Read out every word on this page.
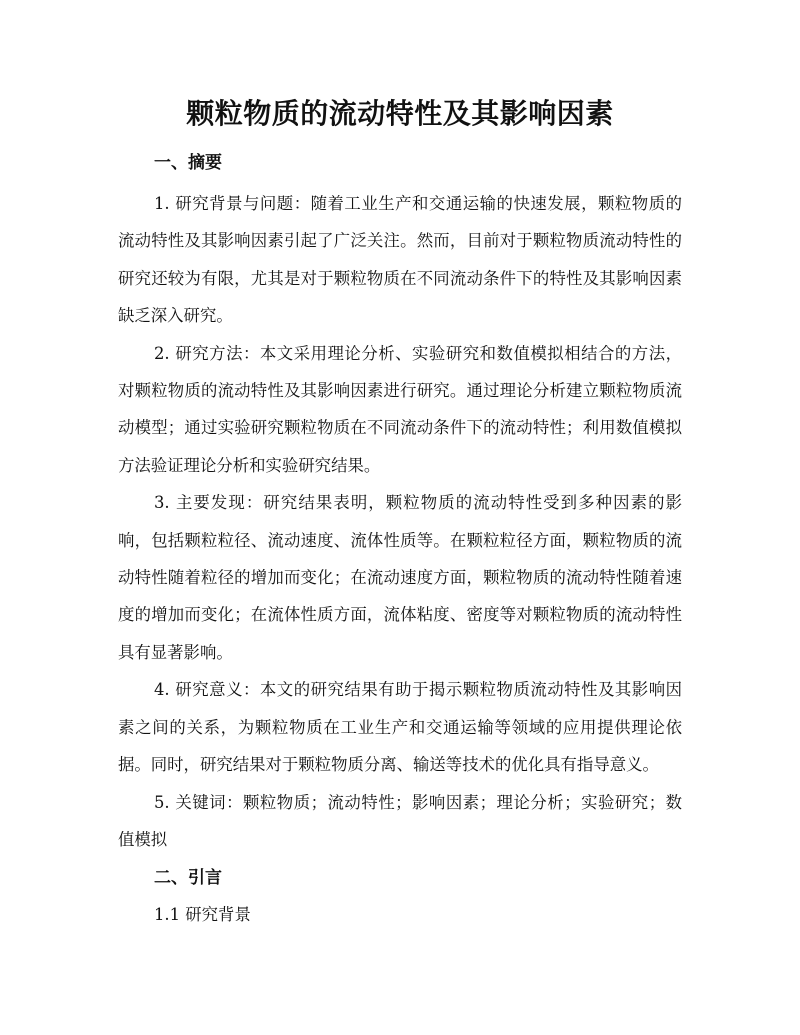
颗粒物质的流动特性及其影响因素
一、摘要

1. 研究背景与问题：随着工业生产和交通运输的快速发展，颗粒物质的流动特性及其影响因素引起了广泛关注。然而，目前对于颗粒物质流动特性的研究还较为有限，尤其是对于颗粒物质在不同流动条件下的特性及其影响因素缺乏深入研究。

2. 研究方法：本文采用理论分析、实验研究和数值模拟相结合的方法，对颗粒物质的流动特性及其影响因素进行研究。通过理论分析建立颗粒物质流动模型；通过实验研究颗粒物质在不同流动条件下的流动特性；利用数值模拟方法验证理论分析和实验研究结果。

3. 主要发现：研究结果表明，颗粒物质的流动特性受到多种因素的影响，包括颗粒粒径、流动速度、流体性质等。在颗粒粒径方面，颗粒物质的流动特性随着粒径的增加而变化；在流动速度方面，颗粒物质的流动特性随着速度的增加而变化；在流体性质方面，流体粘度、密度等对颗粒物质的流动特性具有显著影响。

4. 研究意义：本文的研究结果有助于揭示颗粒物质流动特性及其影响因素之间的关系，为颗粒物质在工业生产和交通运输等领域的应用提供理论依据。同时，研究结果对于颗粒物质分离、输送等技术的优化具有指导意义。

5. 关键词：颗粒物质；流动特性；影响因素；理论分析；实验研究；数值模拟

二、引言
1.1 研究背景
